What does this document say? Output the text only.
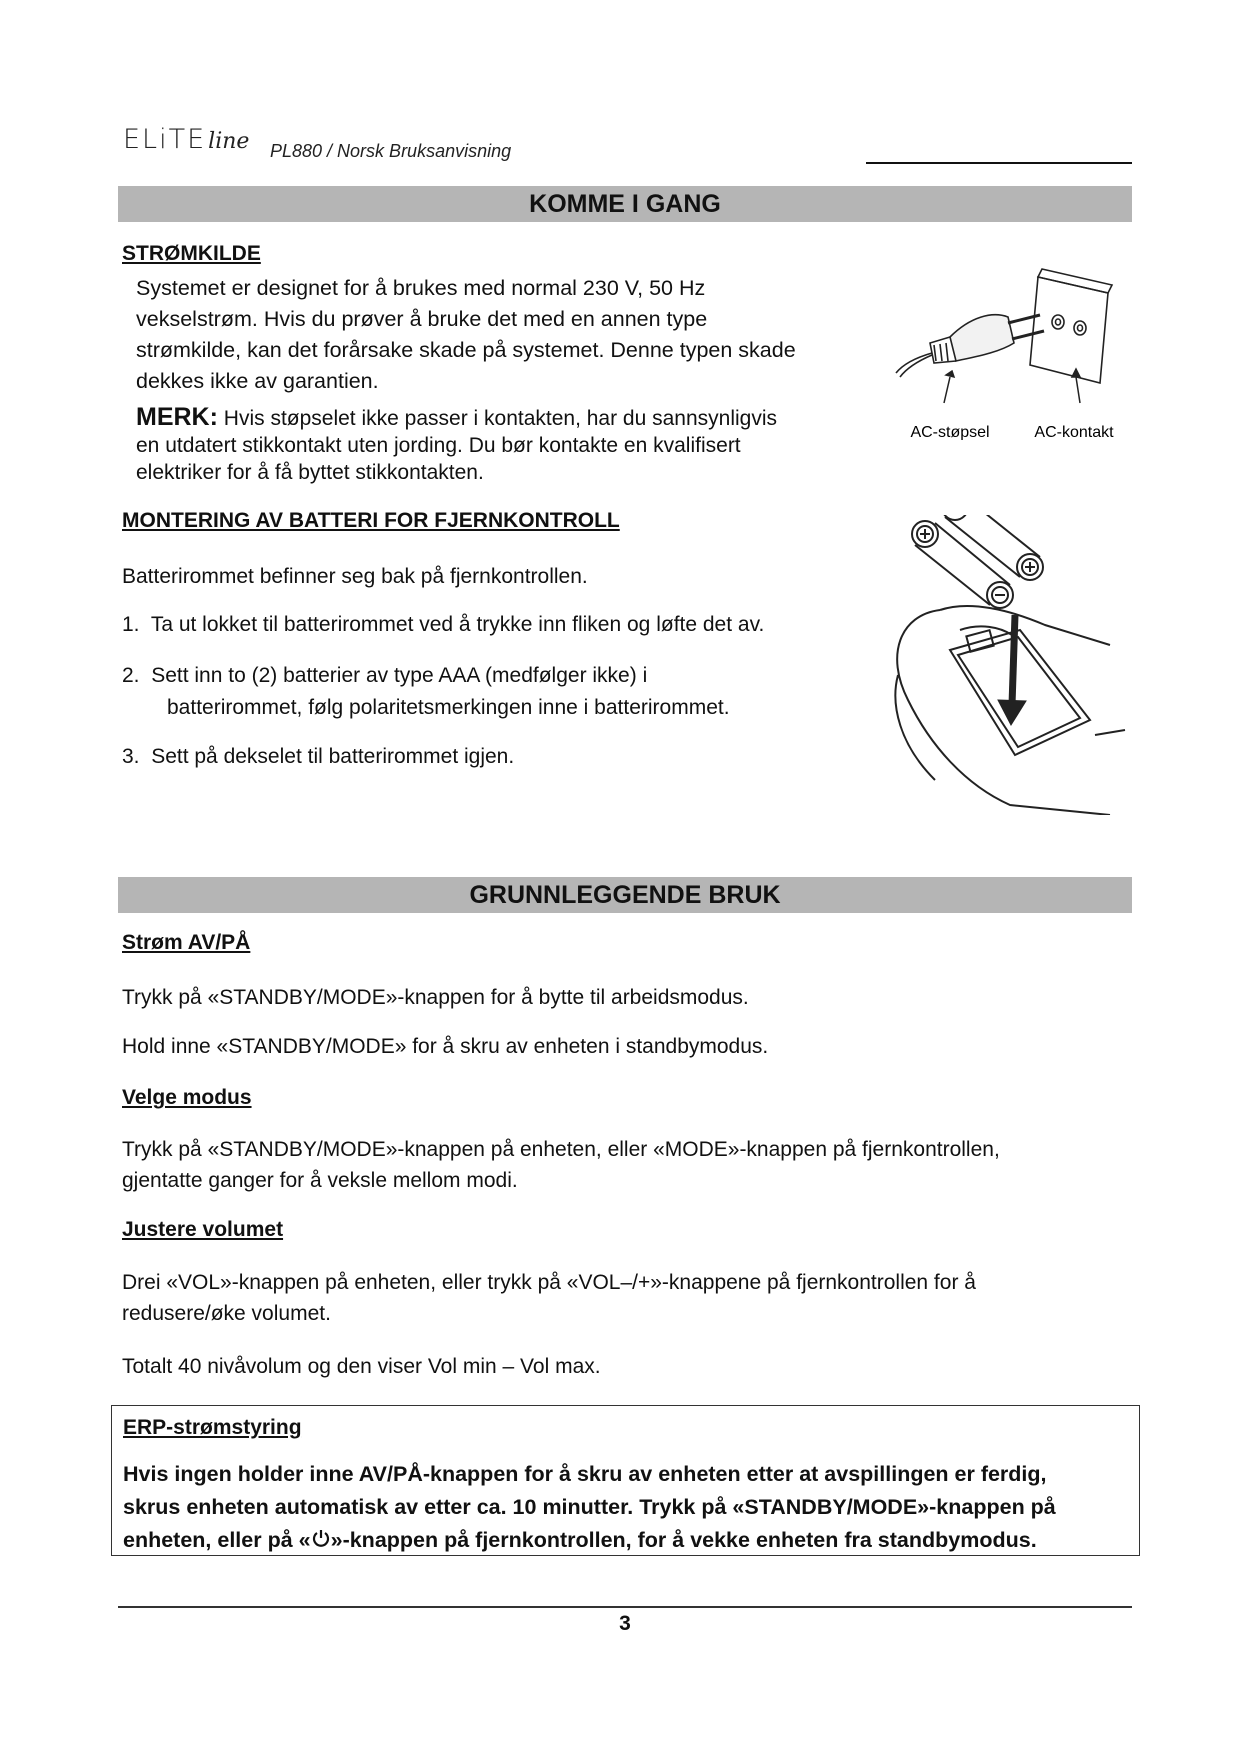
ELiTEline PL880 / Norsk Bruksanvisning
KOMME I GANG
STRØMKILDE
Systemet er designet for å brukes med normal 230 V, 50 Hz
vekselstrøm. Hvis du prøver å bruke det med en annen type
strømkilde, kan det forårsake skade på systemet. Denne typen skade
dekkes ikke av garantien.
MERK: Hvis støpselet ikke passer i kontakten, har du sannsynligvis
en utdatert stikkontakt uten jording. Du bør kontakte en kvalifisert
elektriker for å få byttet stikkontakten.
AC-støpsel	AC-kontakt
MONTERING AV BATTERI FOR FJERNKONTROLL
Batterirommet befinner seg bak på fjernkontrollen.
1. Ta ut lokket til batterirommet ved å trykke inn fliken og løfte det av.
2. Sett inn to (2) batterier av type AAA (medfølger ikke) i
batterirommet, følg polaritetsmerkingen inne i batterirommet.
3. Sett på dekselet til batterirommet igjen.
GRUNNLEGGENDE BRUK
Strøm AV/PÅ
Trykk på «STANDBY/MODE»-knappen for å bytte til arbeidsmodus.
Hold inne «STANDBY/MODE» for å skru av enheten i standbymodus.
Velge modus
Trykk på «STANDBY/MODE»-knappen på enheten, eller «MODE»-knappen på fjernkontrollen,
gjentatte ganger for å veksle mellom modi.
Justere volumet
Drei «VOL»-knappen på enheten, eller trykk på «VOL–/+»-knappene på fjernkontrollen for å
redusere/øke volumet.
Totalt 40 nivåvolum og den viser Vol min – Vol max.
ERP-strømstyring
Hvis ingen holder inne AV/PÅ-knappen for å skru av enheten etter at avspillingen er ferdig,
skrus enheten automatisk av etter ca. 10 minutter. Trykk på «STANDBY/MODE»-knappen på
enheten, eller på « »-knappen på fjernkontrollen, for å vekke enheten fra standbymodus.
3
